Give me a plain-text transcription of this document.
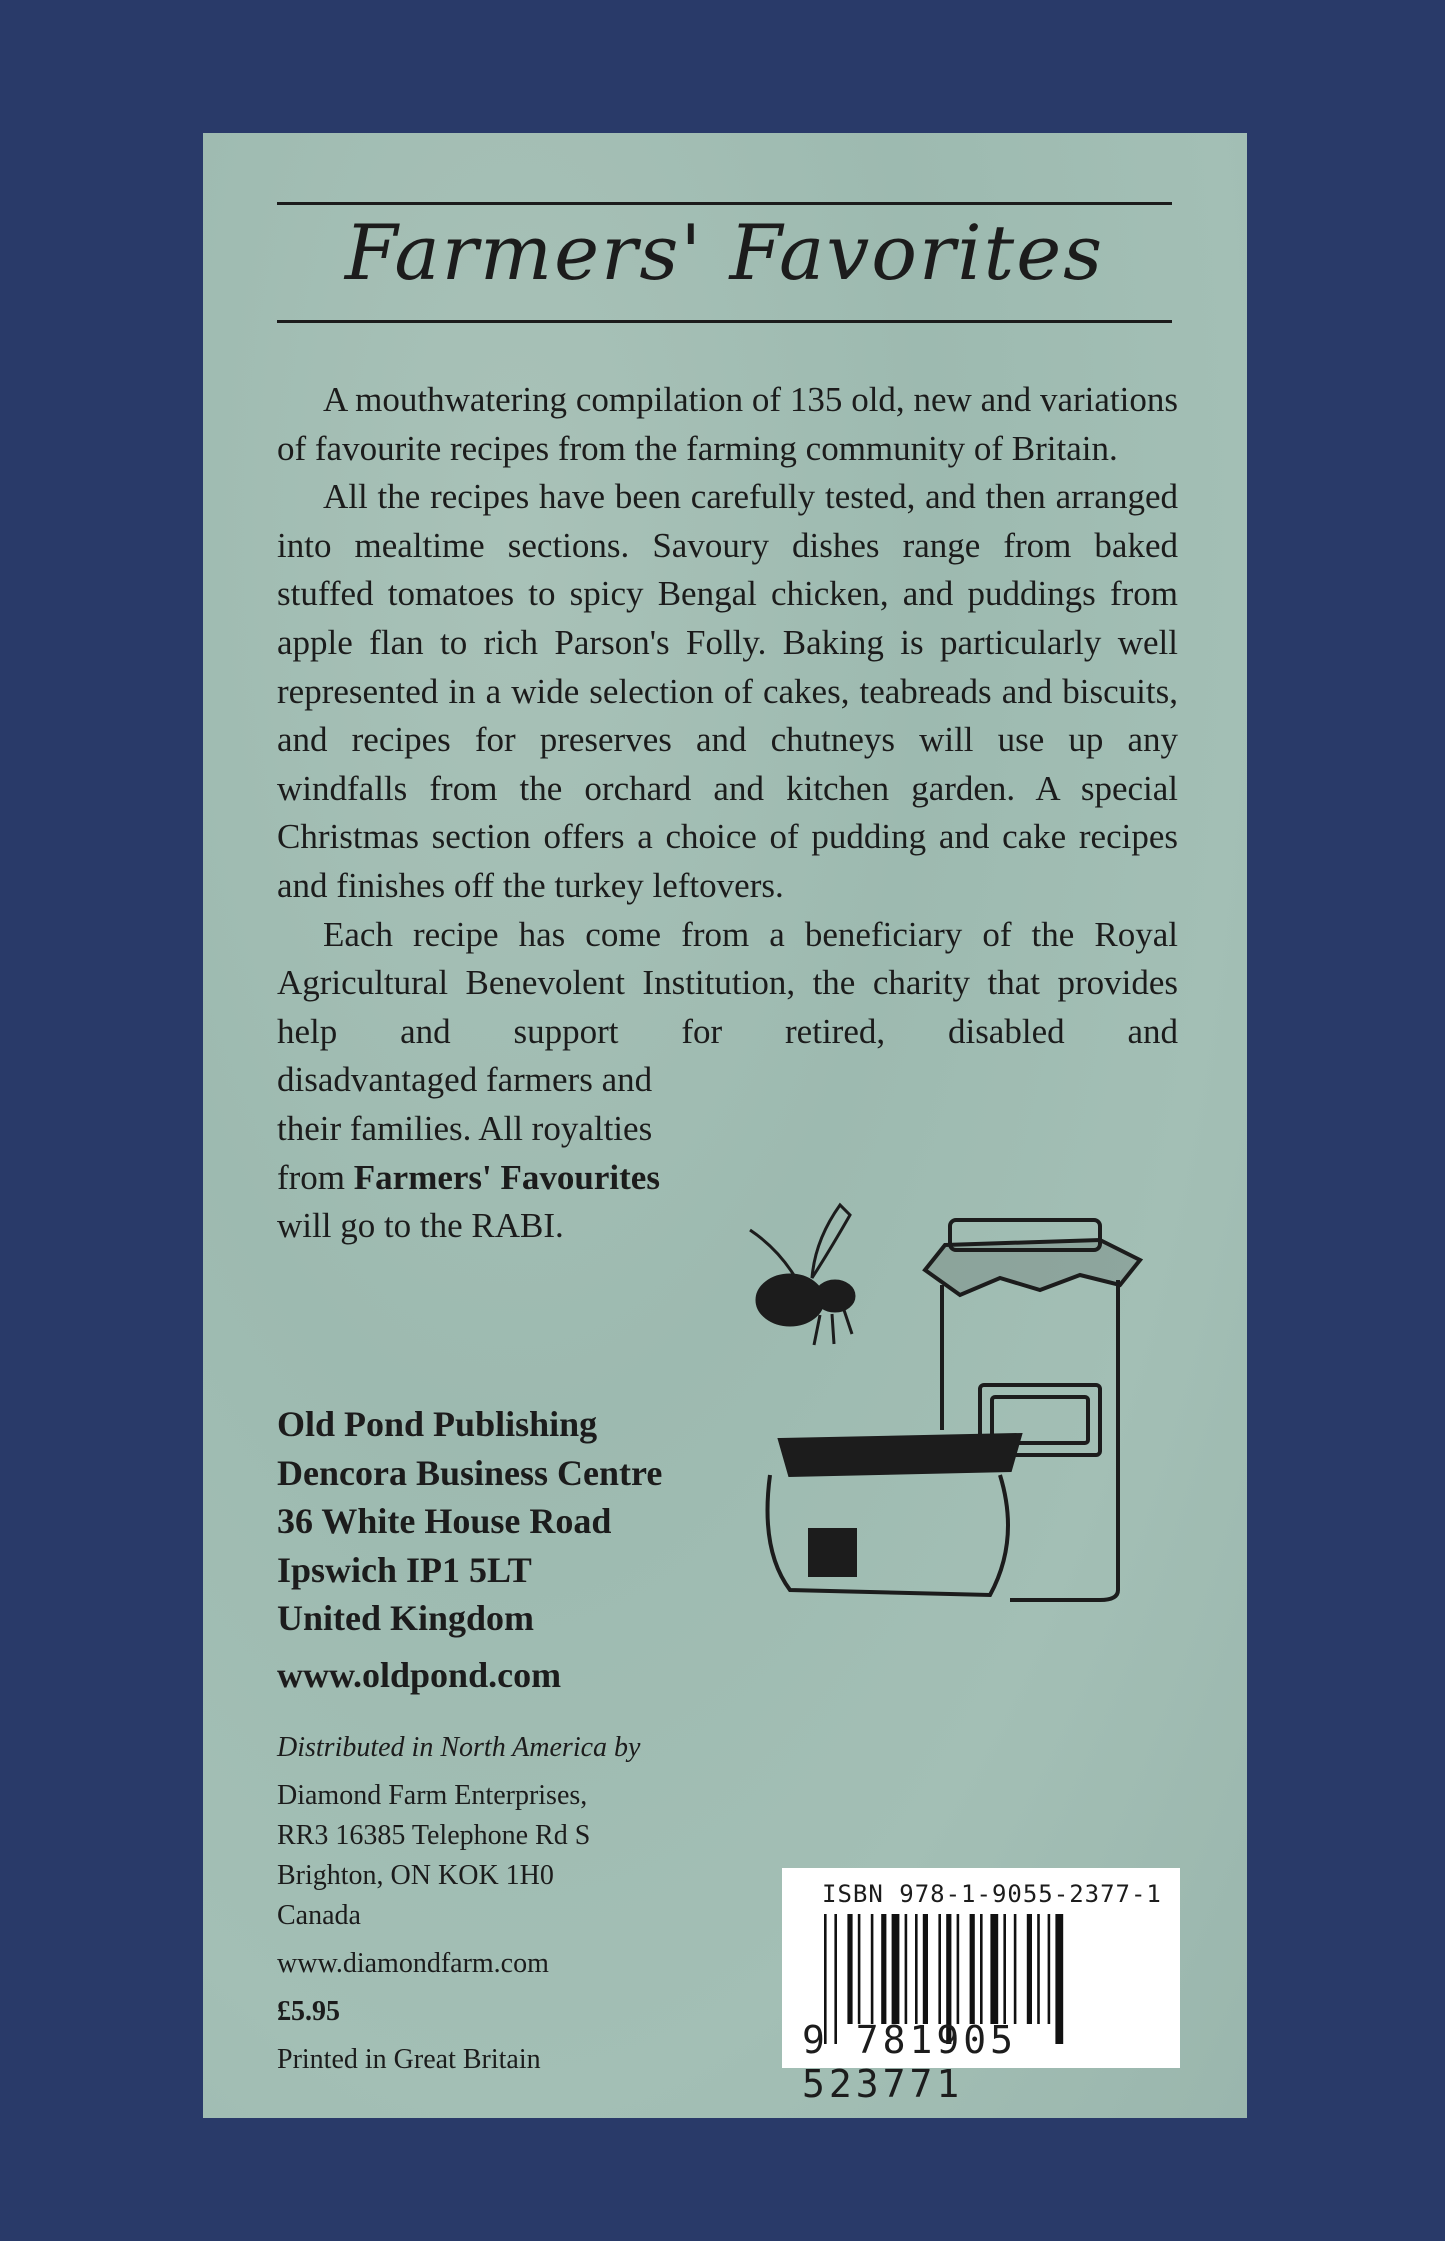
Farmers' Favorites

A mouthwatering compilation of 135 old, new and variations of favourite recipes from the farming community of Britain.

All the recipes have been carefully tested, and then arranged into mealtime sections. Savoury dishes range from baked stuffed tomatoes to spicy Bengal chicken, and puddings from apple flan to rich Parson's Folly. Baking is particularly well represented in a wide selection of cakes, teabreads and biscuits, and recipes for preserves and chutneys will use up any windfalls from the orchard and kitchen garden. A special Christmas section offers a choice of pudding and cake recipes and finishes off the turkey leftovers.

Each recipe has come from a beneficiary of the Royal Agricultural Benevolent Institution, the charity that provides help and support for retired, disabled and

disadvantaged farmers and their families. All royalties from Farmers' Favourites will go to the RABI.

Old Pond Publishing
Dencora Business Centre
36 White House Road
Ipswich IP1 5LT
United Kingdom
www.oldpond.com
Distributed in North America by
Diamond Farm Enterprises,
RR3 16385 Telephone Rd S
Brighton, ON KOK 1H0
Canada
www.diamondfarm.com
£5.95
Printed in Great Britain
ISBN 978-1-9055-2377-1
9 781905 523771
